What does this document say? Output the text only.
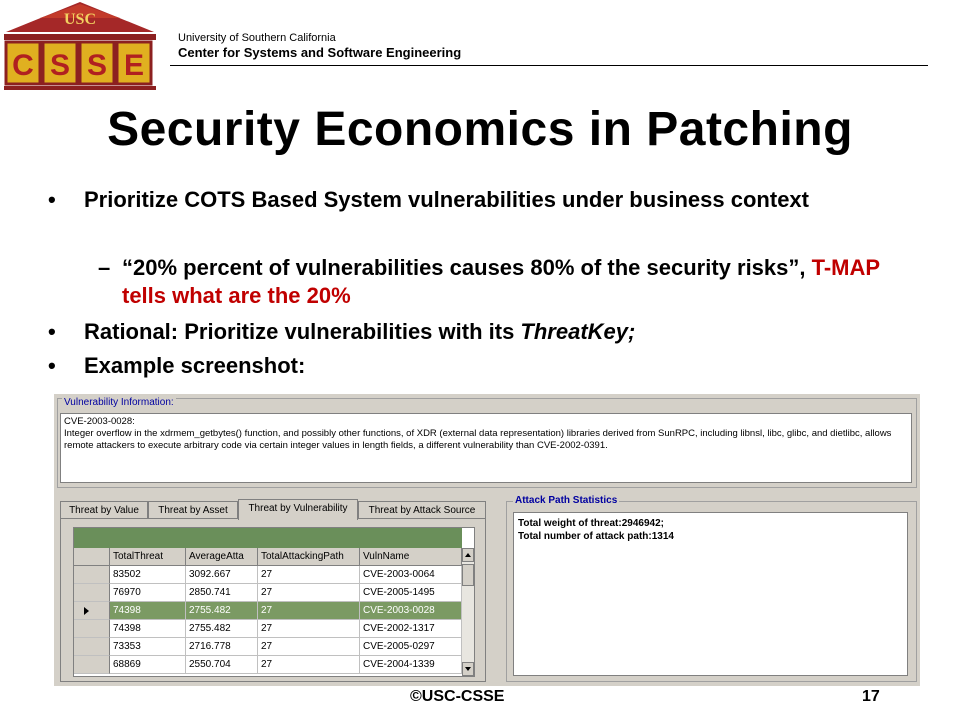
USC
C S S E
University of Southern California
Center for Systems and Software Engineering
Security Economics in Patching
• Prioritize COTS Based System vulnerabilities under business context
– “20% percent of vulnerabilities causes 80% of the security risks”, T-MAP tells what are the 20%
• Rational: Prioritize vulnerabilities with its ThreatKey;
• Example screenshot:
Vulnerability Information:
CVE-2003-0028:
Integer overflow in the xdrmem_getbytes() function, and possibly other functions, of XDR (external data representation) libraries derived from SunRPC, including libnsl, libc, glibc, and dietlibc, allows remote attackers to execute arbitrary code via certain integer values in length fields, a different vulnerability than CVE-2002-0391.
Threat by Value	Threat by Asset	Threat by Vulnerability	Threat by Attack Source
TotalThreat	AverageAtta	TotalAttackingPath	VulnName
83502	3092.667	27	CVE-2003-0064
76970	2850.741	27	CVE-2005-1495
74398	2755.482	27	CVE-2003-0028
74398	2755.482	27	CVE-2002-1317
73353	2716.778	27	CVE-2005-0297
68869	2550.704	27	CVE-2004-1339
Attack Path Statistics
Total weight of threat:2946942;
Total number of attack path:1314
©USC-CSSE	17
